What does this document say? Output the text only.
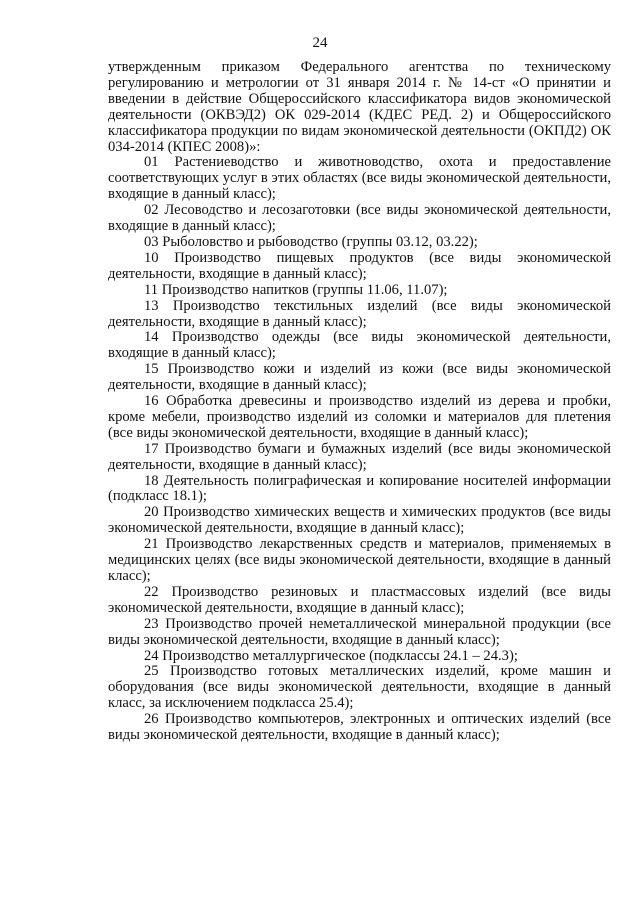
24

утвержденным приказом Федерального агентства по техническому регулированию и метрологии от 31 января 2014 г. № 14-ст «О принятии и введении в действие Общероссийского классификатора видов экономической деятельности (ОКВЭД2) ОК 029-2014 (КДЕС РЕД. 2) и Общероссийского классификатора продукции по видам экономической деятельности (ОКПД2) ОК 034-2014 (КПЕС 2008)»:

01 Растениеводство и животноводство, охота и предоставление соответствующих услуг в этих областях (все виды экономической деятельности, входящие в данный класс);

02 Лесоводство и лесозаготовки (все виды экономической деятельности, входящие в данный класс);

03 Рыболовство и рыбоводство (группы 03.12, 03.22);

10 Производство пищевых продуктов (все виды экономической деятельности, входящие в данный класс);

11 Производство напитков (группы 11.06, 11.07);

13 Производство текстильных изделий (все виды экономической деятельности, входящие в данный класс);

14 Производство одежды (все виды экономической деятельности, входящие в данный класс);

15 Производство кожи и изделий из кожи (все виды экономической деятельности, входящие в данный класс);

16 Обработка древесины и производство изделий из дерева и пробки, кроме мебели, производство изделий из соломки и материалов для плетения (все виды экономической деятельности, входящие в данный класс);

17 Производство бумаги и бумажных изделий (все виды экономической деятельности, входящие в данный класс);

18 Деятельность полиграфическая и копирование носителей информации (подкласс 18.1);

20 Производство химических веществ и химических продуктов (все виды экономической деятельности, входящие в данный класс);

21 Производство лекарственных средств и материалов, применяемых в медицинских целях (все виды экономической деятельности, входящие в данный класс);

22 Производство резиновых и пластмассовых изделий (все виды экономической деятельности, входящие в данный класс);

23 Производство прочей неметаллической минеральной продукции (все виды экономической деятельности, входящие в данный класс);

24 Производство металлургическое (подклассы 24.1 – 24.3);

25 Производство готовых металлических изделий, кроме машин и оборудования (все виды экономической деятельности, входящие в данный класс, за исключением подкласса 25.4);

26 Производство компьютеров, электронных и оптических изделий (все виды экономической деятельности, входящие в данный класс);
